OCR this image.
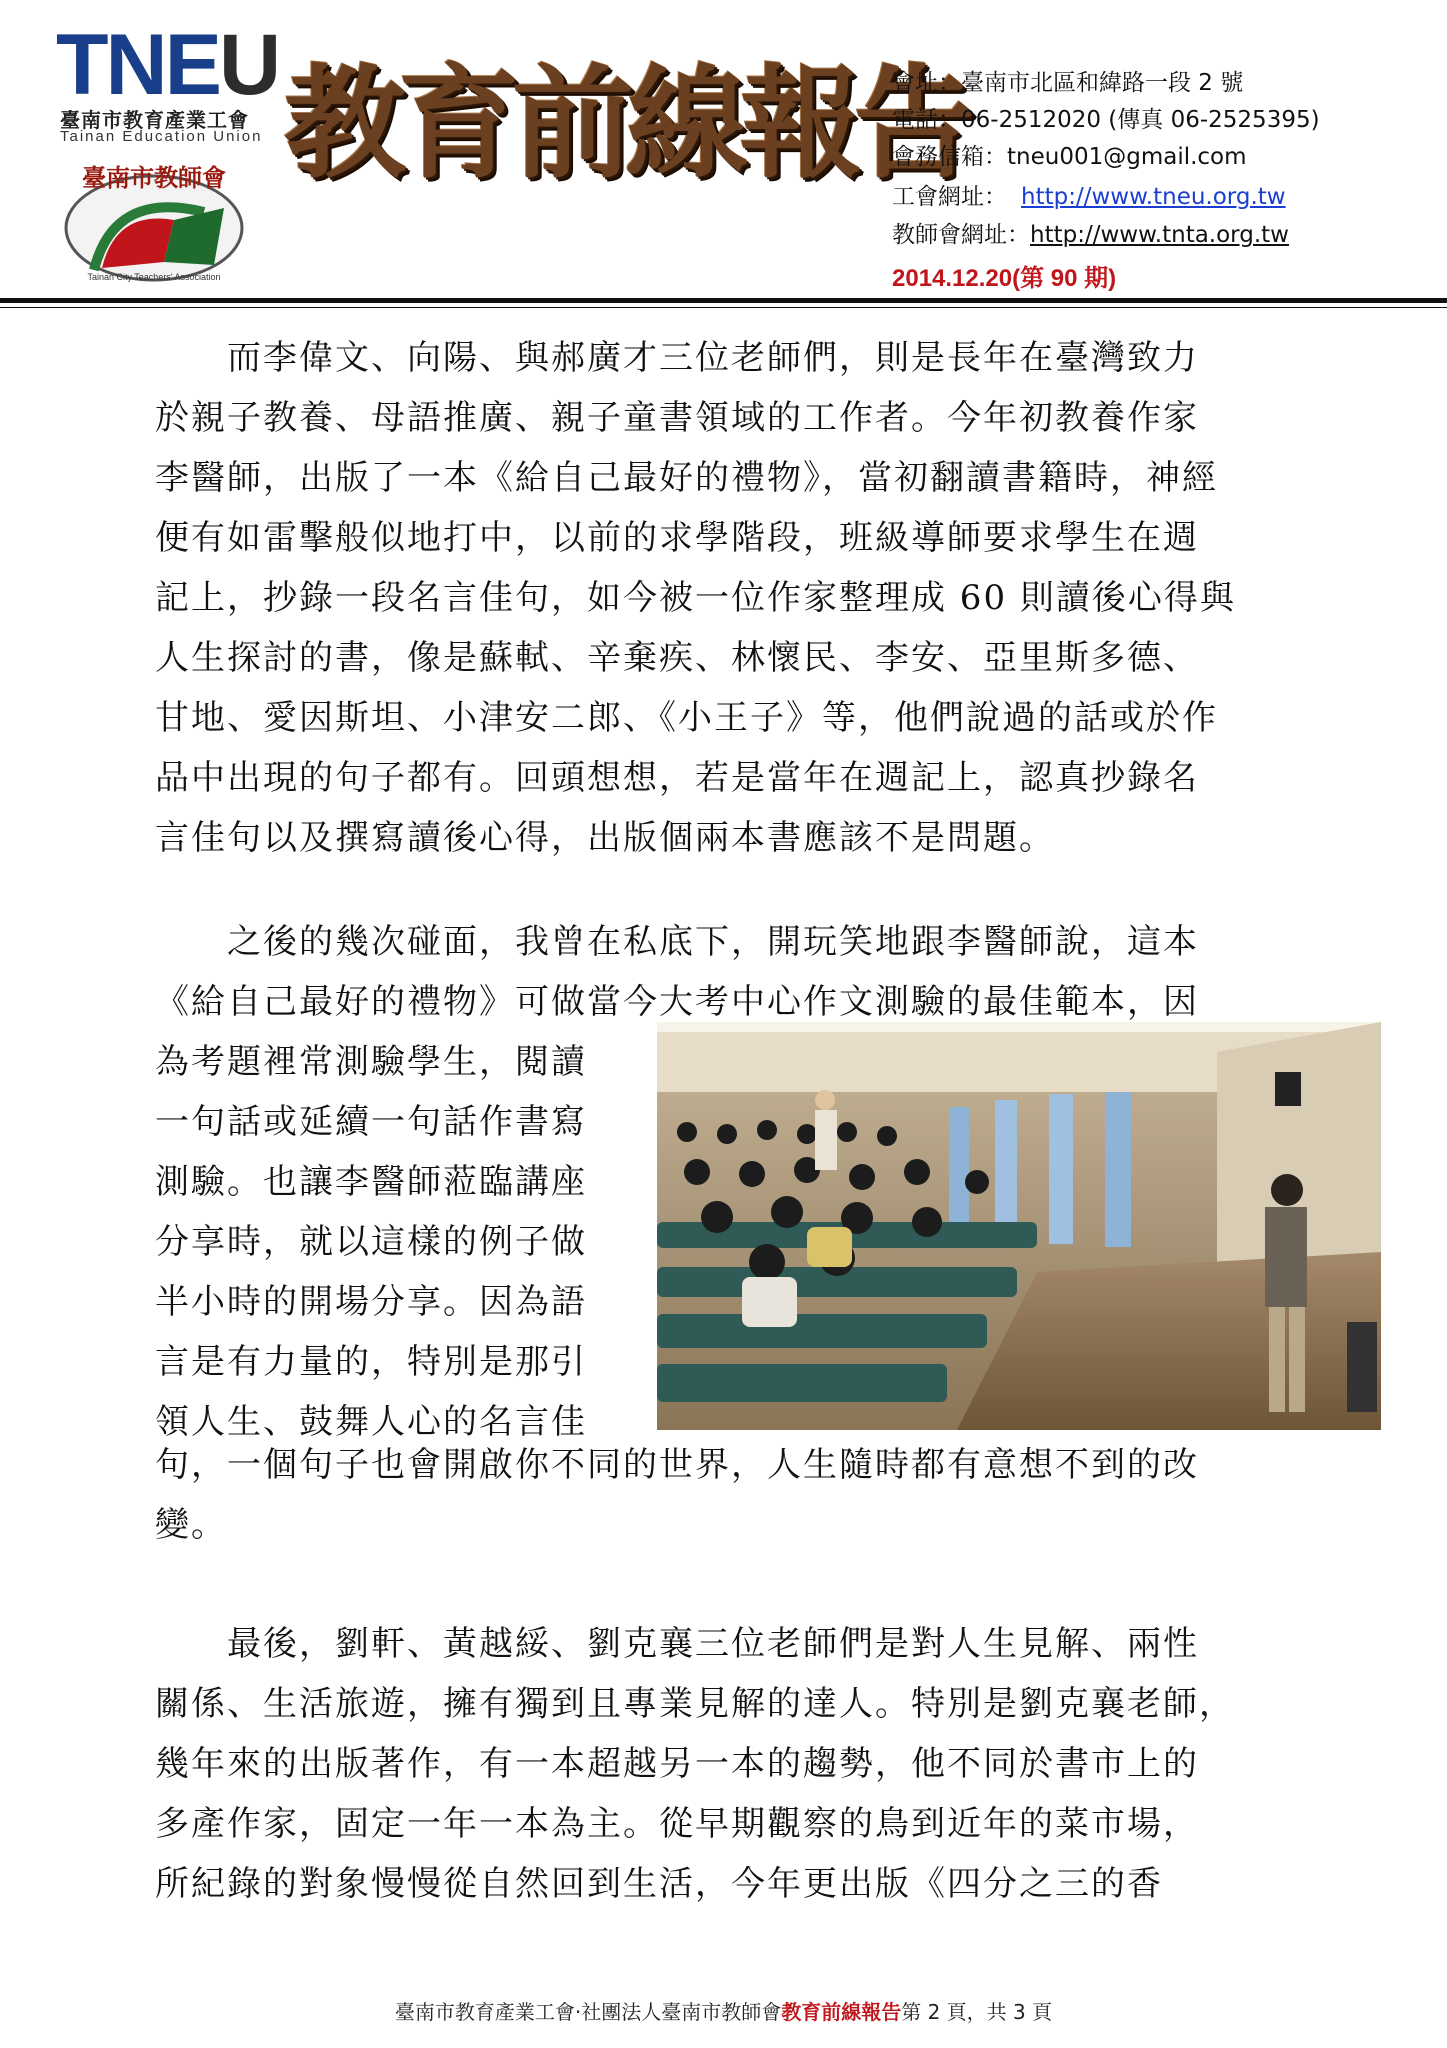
TNEU
臺南市教育產業工會
Tainan Education Union
臺南市教師會
Tainan City Teachers' Association
教育前線報告
會址：臺南市北區和緯路一段 2 號
電話：06-2512020 (傳真 06-2525395)
會務信箱：tneu001@gmail.com
工會網址： http://www.tneu.org.tw
教師會網址：http://www.tnta.org.tw
2014.12.20(第 90 期)
　　而李偉文、向陽、與郝廣才三位老師們，則是長年在臺灣致力
於親子教養、母語推廣、親子童書領域的工作者。今年初教養作家
李醫師，出版了一本《給自己最好的禮物》，當初翻讀書籍時，神經
便有如雷擊般似地打中，以前的求學階段，班級導師要求學生在週
記上，抄錄一段名言佳句，如今被一位作家整理成 60 則讀後心得與
人生探討的書，像是蘇軾、辛棄疾、林懷民、李安、亞里斯多德、
甘地、愛因斯坦、小津安二郎、《小王子》等，他們說過的話或於作
品中出現的句子都有。回頭想想，若是當年在週記上，認真抄錄名
言佳句以及撰寫讀後心得，出版個兩本書應該不是問題。
　　之後的幾次碰面，我曾在私底下，開玩笑地跟李醫師說，這本
《給自己最好的禮物》可做當今大考中心作文測驗的最佳範本，因
為考題裡常測驗學生，閱讀
一句話或延續一句話作書寫
測驗。也讓李醫師蒞臨講座
分享時，就以這樣的例子做
半小時的開場分享。因為語
言是有力量的，特別是那引
領人生、鼓舞人心的名言佳
句，一個句子也會開啟你不同的世界，人生隨時都有意想不到的改
變。
　　最後，劉軒、黃越綏、劉克襄三位老師們是對人生見解、兩性
關係、生活旅遊，擁有獨到且專業見解的達人。特別是劉克襄老師，
幾年來的出版著作，有一本超越另一本的趨勢，他不同於書市上的
多產作家，固定一年一本為主。從早期觀察的鳥到近年的菜市場，
所紀錄的對象慢慢從自然回到生活，今年更出版《四分之三的香
臺南市教育產業工會‧社團法人臺南市教師會教育前線報告第 2 頁，共 3 頁
